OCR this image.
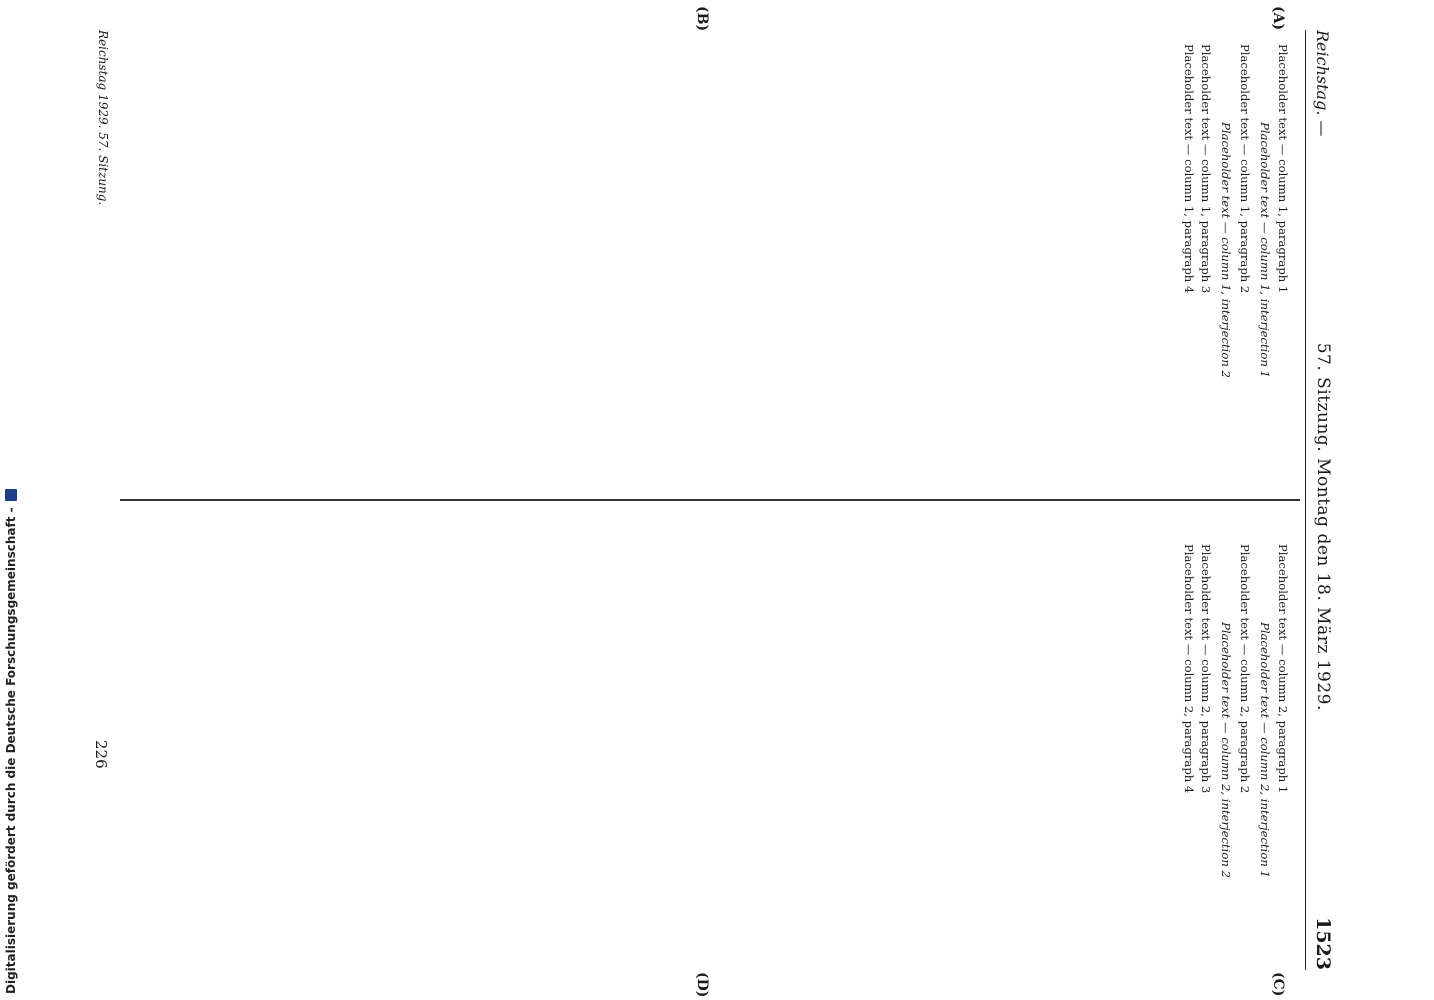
Reichstag. —
57. Sitzung. Montag den 18. März 1929.
1523
(A)
(B)
(C)
(D)

Placeholder text — column 1, paragraph 1

Placeholder text — column 1, interjection 1

Placeholder text — column 1, paragraph 2

Placeholder text — column 1, interjection 2

Placeholder text — column 1, paragraph 3

Placeholder text — column 1, paragraph 4

Placeholder text — column 2, paragraph 1

Placeholder text — column 2, interjection 1

Placeholder text — column 2, paragraph 2

Placeholder text — column 2, interjection 2

Placeholder text — column 2, paragraph 3

Placeholder text — column 2, paragraph 4

Reichstag 1929. 57. Sitzung.
226
Digitalisierung gefördert durch die Deutsche Forschungsgemeinschaft -
